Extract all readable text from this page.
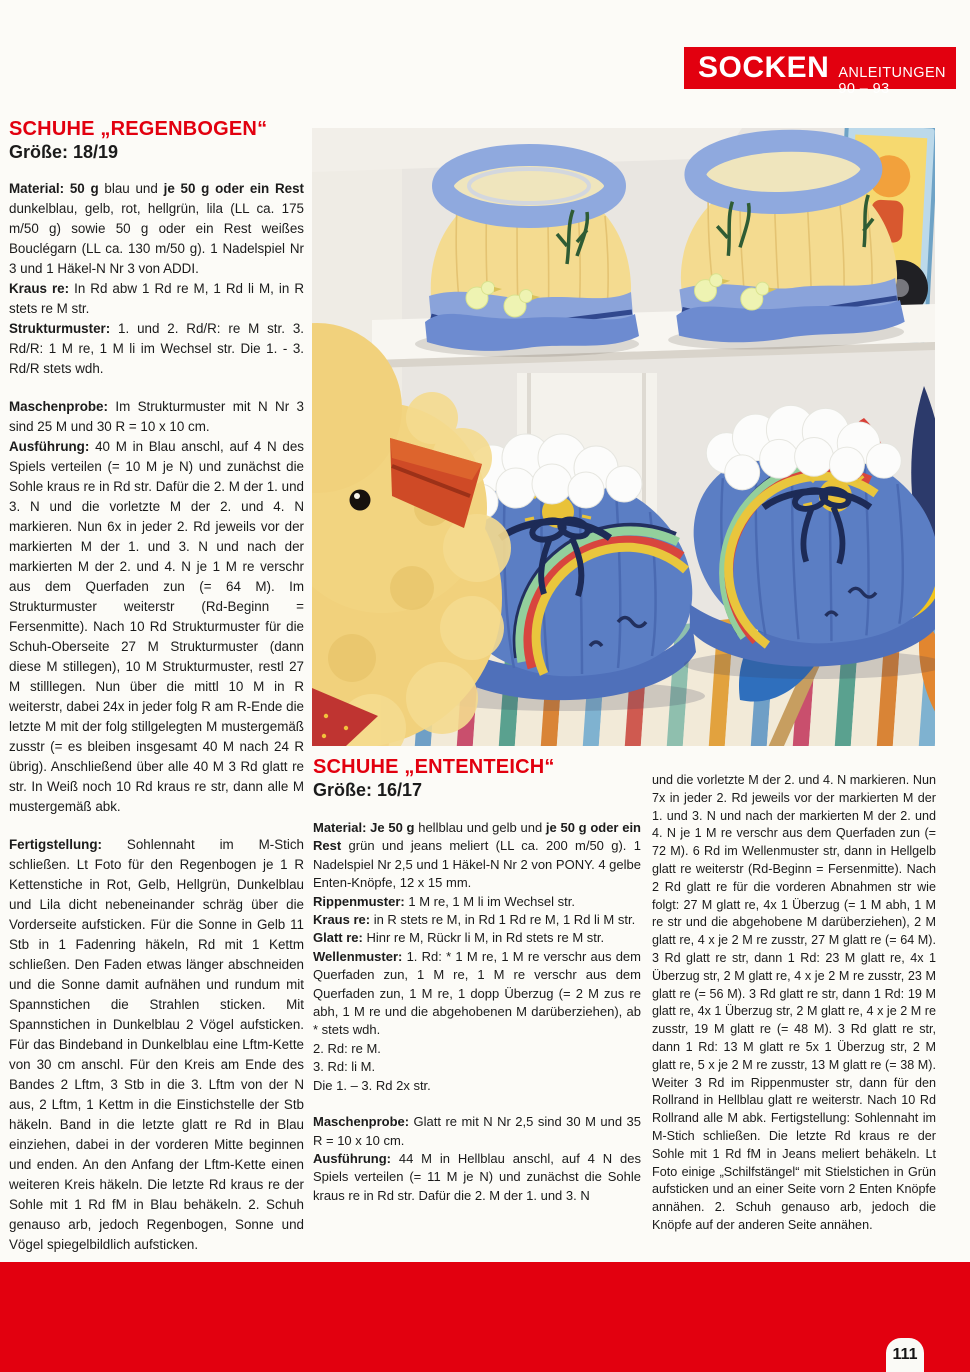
SOCKEN ANLEITUNGEN 90 – 93
SCHUHE „REGENBOGEN“
Größe: 18/19

Material: 50 g blau und je 50 g oder ein Rest dunkelblau, gelb, rot, hellgrün, lila (LL ca. 175 m/50 g) sowie 50 g oder ein Rest weißes Bouclégarn (LL ca. 130 m/50 g). 1 Nadelspiel Nr 3 und 1 Häkel-N Nr 3 von ADDI.

Kraus re: In Rd abw 1 Rd re M, 1 Rd li M, in R stets re M str.

Strukturmuster: 1. und 2. Rd/R: re M str. 3. Rd/R: 1 M re, 1 M li im Wechsel str. Die 1. - 3. Rd/R stets wdh.

Maschenprobe: Im Strukturmuster mit N Nr 3 sind 25 M und 30 R = 10 x 10 cm.

Ausführung: 40 M in Blau anschl, auf 4 N des Spiels verteilen (= 10 M je N) und zunächst die Sohle kraus re in Rd str. Dafür die 2. M der 1. und 3. N und die vorletzte M der 2. und 4. N markieren. Nun 6x in jeder 2. Rd jeweils vor der markierten M der 1. und 3. N und nach der markierten M der 2. und 4. N je 1 M re verschr aus dem Querfaden zun (= 64 M). Im Strukturmuster weiterstr (Rd-Beginn = Fersenmitte). Nach 10 Rd Strukturmuster für die Schuh-Oberseite 27 M Strukturmuster (dann diese M stillegen), 10 M Strukturmuster, restl 27 M stilllegen. Nun über die mittl 10 M in R weiterstr, dabei 24x in jeder folg R am R-Ende die letzte M mit der folg stillgelegten M mustergemäß zusstr (= es bleiben insgesamt 40 M nach 24 R übrig). Anschließend über alle 40 M 3 Rd glatt re str. In Weiß noch 10 Rd kraus re str, dann alle M mustergemäß abk.

Fertigstellung: Sohlennaht im M-Stich schließen. Lt Foto für den Regenbogen je 1 R Kettenstiche in Rot, Gelb, Hellgrün, Dunkelblau und Lila dicht nebeneinander schräg über die Vorderseite aufsticken. Für die Sonne in Gelb 11 Stb in 1 Fadenring häkeln, Rd mit 1 Kettm schließen. Den Faden etwas länger abschneiden und die Sonne damit aufnähen und rundum mit Spannstichen die Strahlen sticken. Mit Spannstichen in Dunkelblau 2 Vögel aufsticken. Für das Bindeband in Dunkelblau eine Lftm-Kette von 30 cm anschl. Für den Kreis am Ende des Bandes 2 Lftm, 3 Stb in die 3. Lftm von der N aus, 2 Lftm, 1 Kettm in die Einstichstelle der Stb häkeln. Band in die letzte glatt re Rd in Blau einziehen, dabei in der vorderen Mitte beginnen und enden. An den Anfang der Lftm-Kette einen weiteren Kreis häkeln. Die letzte Rd kraus re der Sohle mit 1 Rd fM in Blau behäkeln. 2. Schuh genauso arb, jedoch Regenbogen, Sonne und Vögel spiegelbildlich aufsticken.

SCHUHE „ENTENTEICH“
Größe: 16/17

Material: Je 50 g hellblau und gelb und je 50 g oder ein Rest grün und jeans meliert (LL ca. 200 m/50 g). 1 Nadelspiel Nr 2,5 und 1 Häkel-N Nr 2 von PONY. 4 gelbe Enten-Knöpfe, 12 x 15 mm.

Rippenmuster: 1 M re, 1 M li im Wechsel str.

Kraus re: in R stets re M, in Rd 1 Rd re M, 1 Rd li M str.

Glatt re: Hinr re M, Rückr li M, in Rd stets re M str.

Wellenmuster: 1. Rd: * 1 M re, 1 M re verschr aus dem Querfaden zun, 1 M re, 1 M re verschr aus dem Querfaden zun, 1 M re, 1 dopp Überzug (= 2 M zus re abh, 1 M re und die abgehobenen M darüberziehen), ab * stets wdh.

2. Rd: re M.

3. Rd: li M.

Die 1. – 3. Rd 2x str.

Maschenprobe: Glatt re mit N Nr 2,5 sind 30 M und 35 R = 10 x 10 cm.

Ausführung: 44 M in Hellblau anschl, auf 4 N des Spiels verteilen (= 11 M je N) und zunächst die Sohle kraus re in Rd str. Dafür die 2. M der 1. und 3. N

und die vorletzte M der 2. und 4. N markieren. Nun 7x in jeder 2. Rd jeweils vor der markierten M der 1. und 3. N und nach der markierten M der 2. und 4. N je 1 M re verschr aus dem Querfaden zun (= 72 M). 6 Rd im Wellenmuster str, dann in Hellgelb glatt re weiterstr (Rd-Beginn = Fersenmitte). Nach 2 Rd glatt re für die vorderen Abnahmen str wie folgt: 27 M glatt re, 4x 1 Überzug (= 1 M abh, 1 M re str und die abgehobene M darüberziehen), 2 M glatt re, 4 x je 2 M re zusstr, 27 M glatt re (= 64 M). 3 Rd glatt re str, dann 1 Rd: 23 M glatt re, 4x 1 Überzug str, 2 M glatt re, 4 x je 2 M re zusstr, 23 M glatt re (= 56 M). 3 Rd glatt re str, dann 1 Rd: 19 M glatt re, 4x 1 Überzug str, 2 M glatt re, 4 x je 2 M re zusstr, 19 M glatt re (= 48 M). 3 Rd glatt re str, dann 1 Rd: 13 M glatt re 5x 1 Überzug str, 2 M glatt re, 5 x je 2 M re zusstr, 13 M glatt re (= 38 M). Weiter 3 Rd im Rippenmuster str, dann für den Rollrand in Hellblau glatt re weiterstr. Nach 10 Rd Rollrand alle M abk. Fertigstellung: Sohlennaht im M-Stich schließen. Die letzte Rd kraus re der Sohle mit 1 Rd fM in Jeans meliert behäkeln. Lt Foto einige „Schilfstängel“ mit Stielstichen in Grün aufsticken und an einer Seite vorn 2 Enten Knöpfe annähen. 2. Schuh genauso arb, jedoch die Knöpfe auf der anderen Seite annähen.

111
